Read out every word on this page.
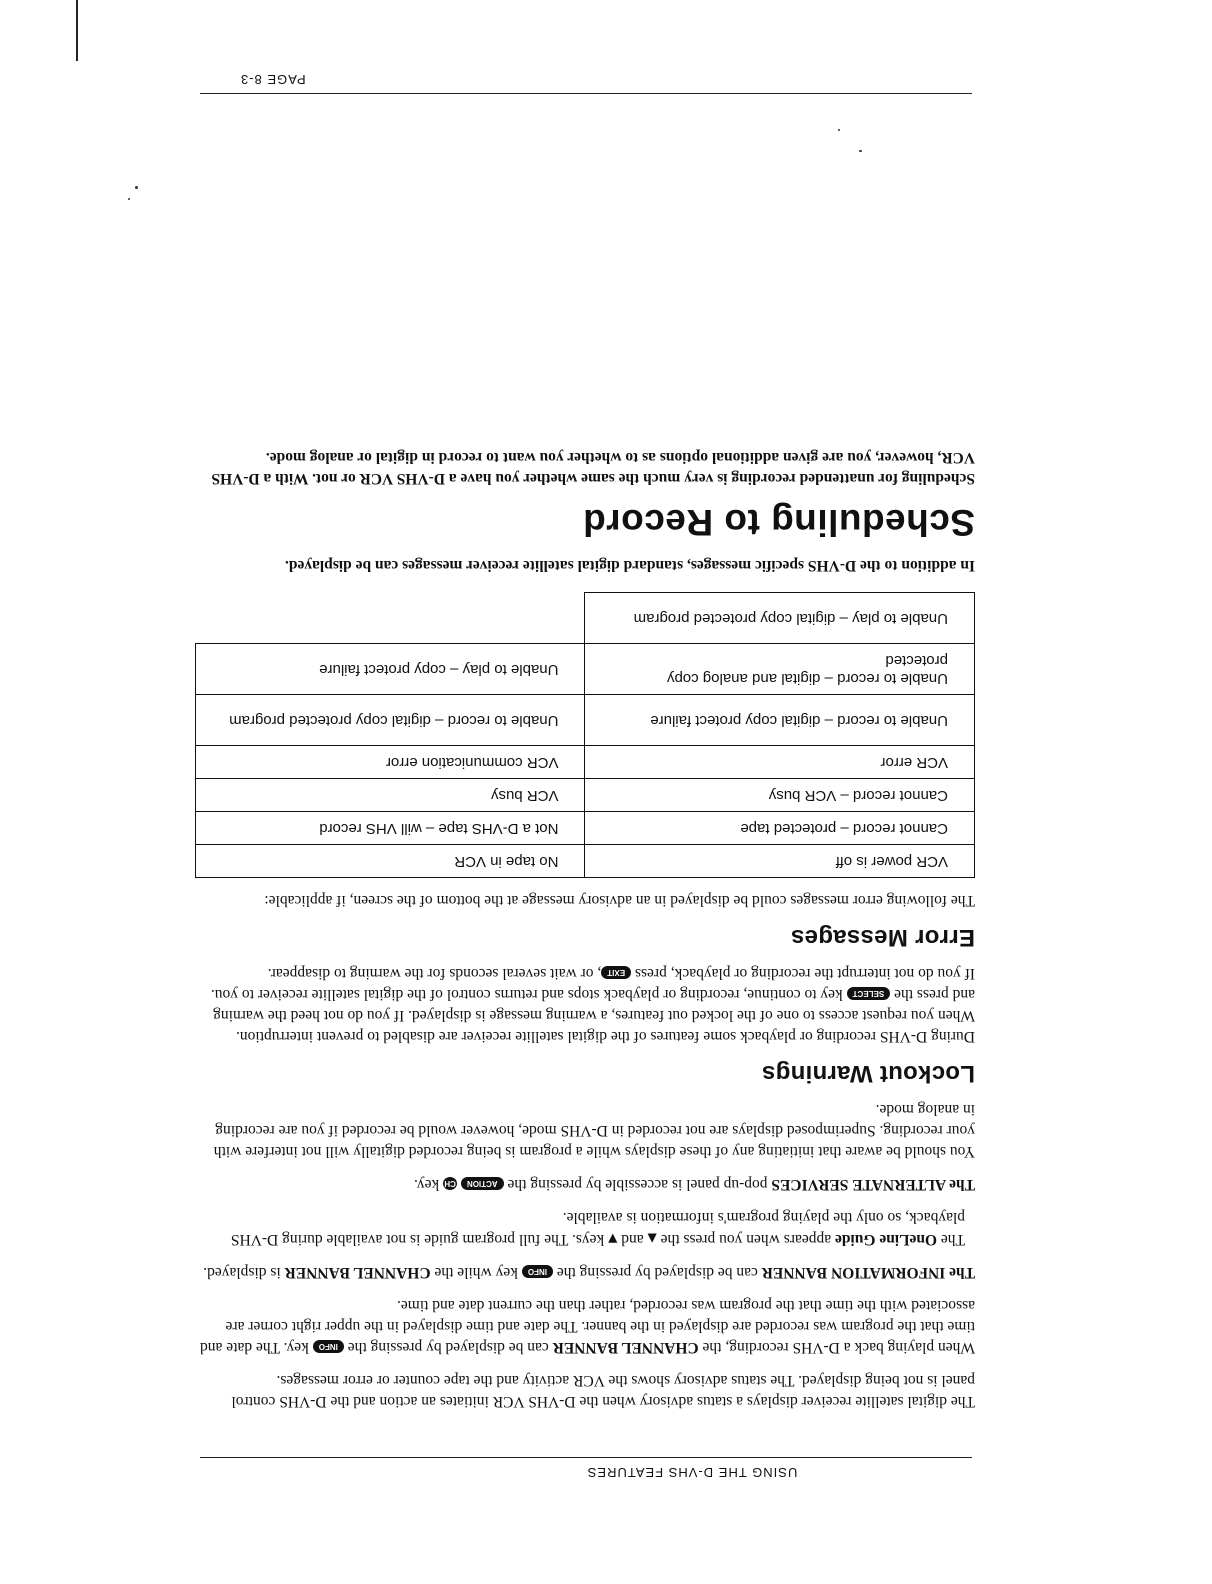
USING THE D-VHS FEATURES
PAGE 8-3

The digital satellite receiver displays a status advisory when the D-VHS VCR initiates an action and the D-VHS control panel is not being displayed. The status advisory shows the VCR activity and the tape counter or error messages.

When playing back a D-VHS recording, the CHANNEL BANNER can be displayed by pressing the INFO key. The date and time that the program was recorded are displayed in the banner. The date and time displayed in the upper right corner are associated with the time that the program was recorded, rather than the current date and time.

The INFORMATION BANNER can be displayed by pressing the INFO key while the CHANNEL BANNER is displayed.

The OneLine Guide appears when you press the ▲ and ▼ keys. The full program guide is not available during D-VHS playback, so only the playing program's information is available.

The ALTERNATE SERVICES pop-up panel is accessible by pressing the ACTION CH key.

You should be aware that initiating any of these displays while a program is being recorded digitally will not interfere with your recording. Superimposed displays are not recorded in D-VHS mode, however would be recorded if you are recording in analog mode.

Lockout Warnings

During D-VHS recording or playback some features of the digital satellite receiver are disabled to prevent interruption. When you request access to one of the locked out features, a warning message is displayed. If you do not heed the warning and press the SELECT key to continue, recording or playback stops and returns control of the digital satellite receiver to you. If you do not interrupt the recording or playback, press EXIT, or wait several seconds for the warning to disappear.

Error Messages

The following error messages could be displayed in an advisory message at the bottom of the screen, if applicable:

VCR power is off	No tape in VCR
Cannot record – protected tape	Not a D-VHS tape – will VHS record
Cannot record – VCR busy	VCR busy
VCR error	VCR communication error
Unable to record – digital copy protect failure	Unable to record – digital copy protected program
Unable to record – digital and analog copy protected	Unable to play – copy protect failure
Unable to play – digital copy protected program	

In addition to the D-VHS specific messages, standard digital satellite receiver messages can be displayed.

Scheduling to Record

Scheduling for unattended recording is very much the same whether you have a D-VHS VCR or not. With a D-VHS VCR, however, you are given additional options as to whether you want to record in digital or analog mode.
